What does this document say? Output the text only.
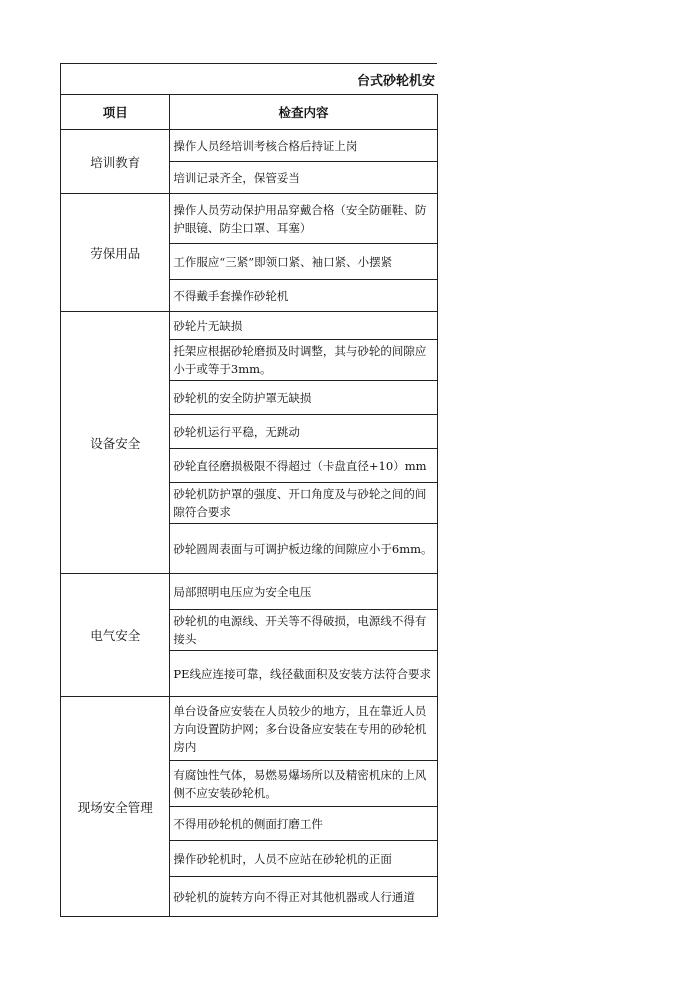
台式砂轮机安	
项目	检查内容
培训教育	操作人员经培训考核合格后持证上岗
	培训记录齐全，保管妥当
劳保用品	操作人员劳动保护用品穿戴合格（安全防砸鞋、防护眼镜、防尘口罩、耳塞）
	工作服应“三紧”即领口紧、袖口紧、小摆紧
	不得戴手套操作砂轮机
设备安全	砂轮片无缺损
	托架应根据砂轮磨损及时调整，其与砂轮的间隙应小于或等于3mm。
	砂轮机的安全防护罩无缺损
	砂轮机运行平稳，无跳动
	砂轮直径磨损极限不得超过（卡盘直径+10）mm
	砂轮机防护罩的强度、开口角度及与砂轮之间的间隙符合要求
	砂轮圆周表面与可调护板边缘的间隙应小于6mm。
电气安全	局部照明电压应为安全电压
	砂轮机的电源线、开关等不得破损，电源线不得有接头
	PE线应连接可靠，线径截面积及安装方法符合要求
现场安全管理	单台设备应安装在人员较少的地方，且在靠近人员方向设置防护网；多台设备应安装在专用的砂轮机房内
	有腐蚀性气体，易燃易爆场所以及精密机床的上风侧不应安装砂轮机。
	不得用砂轮机的侧面打磨工件
	操作砂轮机时，人员不应站在砂轮机的正面
	砂轮机的旋转方向不得正对其他机器或人行通道
